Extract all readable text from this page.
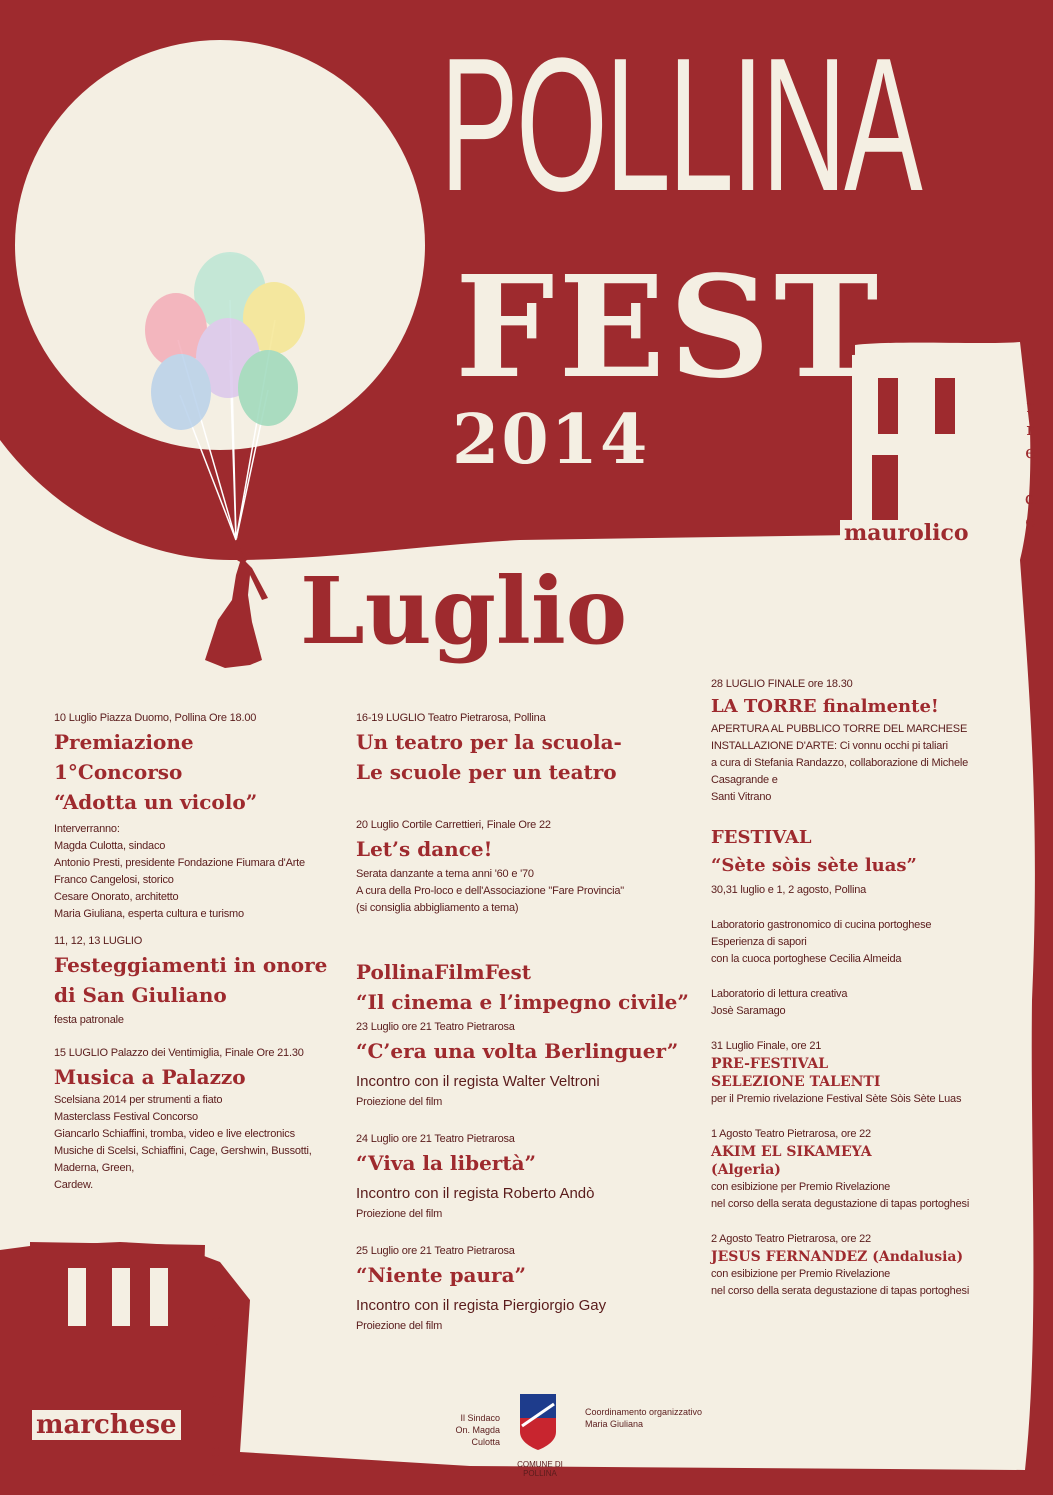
POLLINA
FEST
2014
Luglio
torre de
maurolico
torre de
marchese
10 Luglio Piazza Duomo, Pollina Ore 18.00
Premiazione
1°Concorso
“Adotta un vicolo”
Interverranno:
Magda Culotta, sindaco
Antonio Presti, presidente Fondazione Fiumara d'Arte
Franco Cangelosi, storico
Cesare Onorato, architetto
Maria Giuliana, esperta cultura e turismo
11, 12, 13 LUGLIO
Festeggiamenti in onore
di San Giuliano
festa patronale
15 LUGLIO Palazzo dei Ventimiglia, Finale Ore 21.30
Musica a Palazzo
Scelsiana 2014 per strumenti a fiato
Masterclass Festival Concorso
Giancarlo Schiaffini, tromba, video e live electronics
Musiche di Scelsi, Schiaffini, Cage, Gershwin, Bussotti, Maderna, Green,
Cardew.
16-19 LUGLIO Teatro Pietrarosa, Pollina
Un teatro per la scuola-
Le scuole per un teatro
20 Luglio Cortile Carrettieri, Finale Ore 22
Let’s dance!
Serata danzante a tema anni '60 e '70
A cura della Pro-loco e dell'Associazione "Fare Provincia"
(si consiglia abbigliamento a tema)
PollinaFilmFest
“Il cinema e l’impegno civile”
23 Luglio ore 21 Teatro Pietrarosa
“C’era una volta Berlinguer”
Incontro con il regista Walter Veltroni
Proiezione del film
24 Luglio ore 21 Teatro Pietrarosa
“Viva la libertà”
Incontro con il regista Roberto Andò
Proiezione del film
25 Luglio ore 21 Teatro Pietrarosa
“Niente paura”
Incontro con il regista Piergiorgio Gay
Proiezione del film
28 LUGLIO FINALE ore 18.30
LA TORRE finalmente!
APERTURA AL PUBBLICO TORRE DEL MARCHESE
INSTALLAZIONE D'ARTE: Ci vonnu occhi pi taliari
a cura di Stefania Randazzo, collaborazione di Michele Casagrande e
Santi Vitrano
FESTIVAL
“Sète sòis sète luas”
30,31 luglio e 1, 2 agosto, Pollina
Laboratorio gastronomico di cucina portoghese
Esperienza di sapori
con la cuoca portoghese Cecilia Almeida
Laboratorio di lettura creativa
Josè Saramago
31 Luglio Finale, ore 21
PRE-FESTIVAL
SELEZIONE TALENTI
per il Premio rivelazione Festival Sète Sòis Sète Luas
1 Agosto Teatro Pietrarosa, ore 22
AKIM EL SIKAMEYA
(Algeria)
con esibizione per Premio Rivelazione
nel corso della serata degustazione di tapas portoghesi
2 Agosto Teatro Pietrarosa, ore 22
JESUS FERNANDEZ (Andalusia)
con esibizione per Premio Rivelazione
nel corso della serata degustazione di tapas portoghesi
Il Sindaco
On. Magda Culotta
Coordinamento organizzativo
Maria Giuliana
COMUNE DI
POLLINA
